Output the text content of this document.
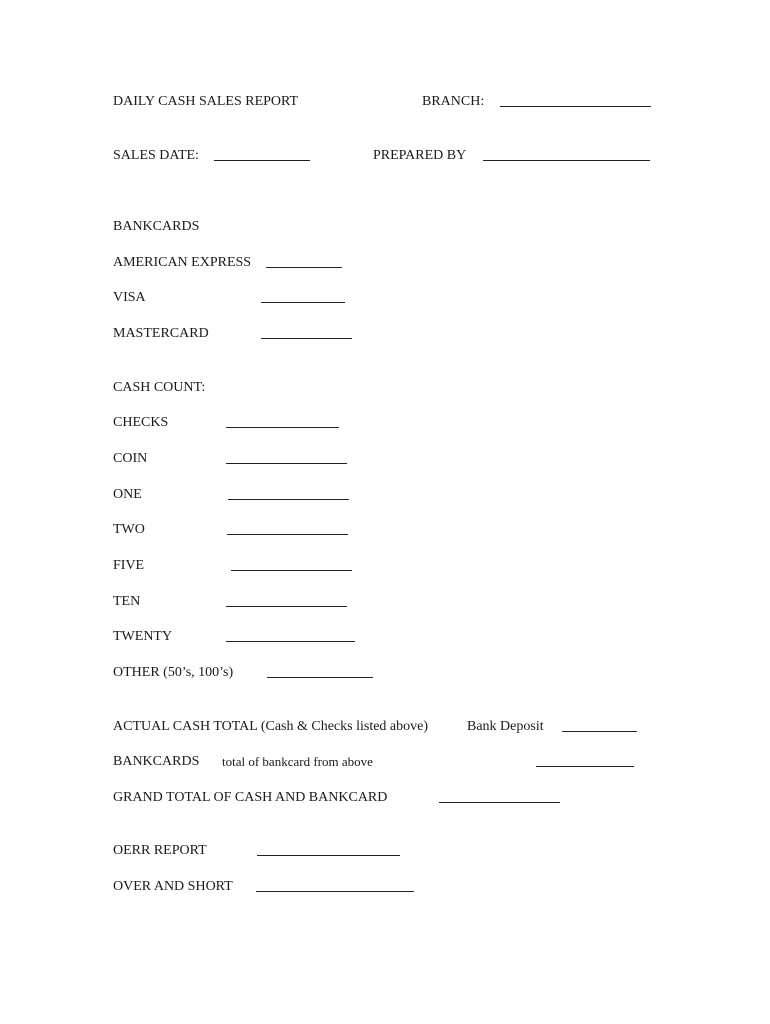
DAILY CASH SALES REPORT	BRANCH:
SALES DATE:	PREPARED BY
BANKCARDS
AMERICAN EXPRESS
VISA
MASTERCARD
CASH COUNT:
CHECKS
COIN
ONE
TWO
FIVE
TEN
TWENTY
OTHER (50’s, 100’s)
ACTUAL CASH TOTAL (Cash & Checks listed above)	Bank Deposit
BANKCARDS total of bankcard from above
GRAND TOTAL OF CASH AND BANKCARD
OERR REPORT
OVER AND SHORT
